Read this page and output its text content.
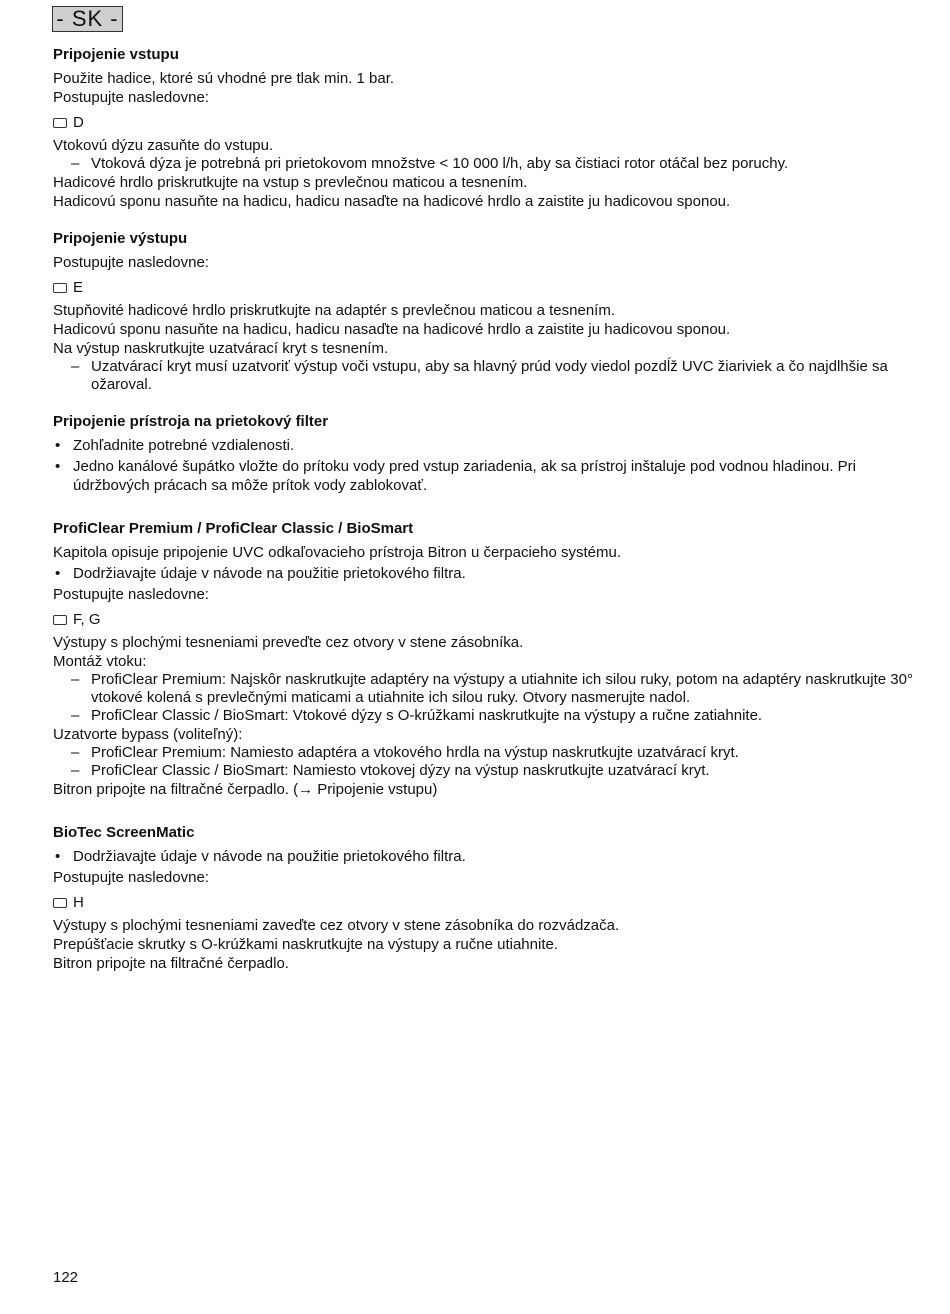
- SK -
Pripojenie vstupu

Použite hadice, ktoré sú vhodné pre tlak min. 1 bar.

Postupujte nasledovne:

D

Vtokovú dýzu zasuňte do vstupu.

– Vtoková dýza je potrebná pri prietokovom množstve < 10 000 l/h, aby sa čistiaci rotor otáčal bez poruchy.

Hadicové hrdlo priskrutkujte na vstup s prevlečnou maticou a tesnením.

Hadicovú sponu nasuňte na hadicu, hadicu nasaďte na hadicové hrdlo a zaistite ju hadicovou sponou.

Pripojenie výstupu

Postupujte nasledovne:

E

Stupňovité hadicové hrdlo priskrutkujte na adaptér s prevlečnou maticou a tesnením.

Hadicovú sponu nasuňte na hadicu, hadicu nasaďte na hadicové hrdlo a zaistite ju hadicovou sponou.

Na výstup naskrutkujte uzatvárací kryt s tesnením.

– Uzatvárací kryt musí uzatvoriť výstup voči vstupu, aby sa hlavný prúd vody viedol pozdĺž UVC žiariviek a čo najdlhšie sa ožaroval.
Pripojenie prístroja na prietokový filter
• Zohľadnite potrebné vzdialenosti.
• Jedno kanálové šupátko vložte do prítoku vody pred vstup zariadenia, ak sa prístroj inštaluje pod vodnou hladinou. Pri údržbových prácach sa môže prítok vody zablokovať.
ProfiClear Premium / ProfiClear Classic / BioSmart

Kapitola opisuje pripojenie UVC odkaľovacieho prístroja Bitron u čerpacieho systému.

• Dodržiavajte údaje v návode na použitie prietokového filtra.

Postupujte nasledovne:

F, G

Výstupy s plochými tesneniami preveďte cez otvory v stene zásobníka.

Montáž vtoku:

– ProfiClear Premium: Najskôr naskrutkujte adaptéry na výstupy a utiahnite ich silou ruky, potom na adaptéry naskrutkujte 30° vtokové kolená s prevlečnými maticami a utiahnite ich silou ruky. Otvory nasmerujte nadol.
– ProfiClear Classic / BioSmart: Vtokové dýzy s O-krúžkami naskrutkujte na výstupy a ručne zatiahnite.

Uzatvorte bypass (voliteľný):

– ProfiClear Premium: Namiesto adaptéra a vtokového hrdla na výstup naskrutkujte uzatvárací kryt.
– ProfiClear Classic / BioSmart: Namiesto vtokovej dýzy na výstup naskrutkujte uzatvárací kryt.

Bitron pripojte na filtračné čerpadlo. (→ Pripojenie vstupu)

BioTec ScreenMatic
• Dodržiavajte údaje v návode na použitie prietokového filtra.

Postupujte nasledovne:

H

Výstupy s plochými tesneniami zaveďte cez otvory v stene zásobníka do rozvádzača.

Prepúšťacie skrutky s O-krúžkami naskrutkujte na výstupy a ručne utiahnite.

Bitron pripojte na filtračné čerpadlo.

122
